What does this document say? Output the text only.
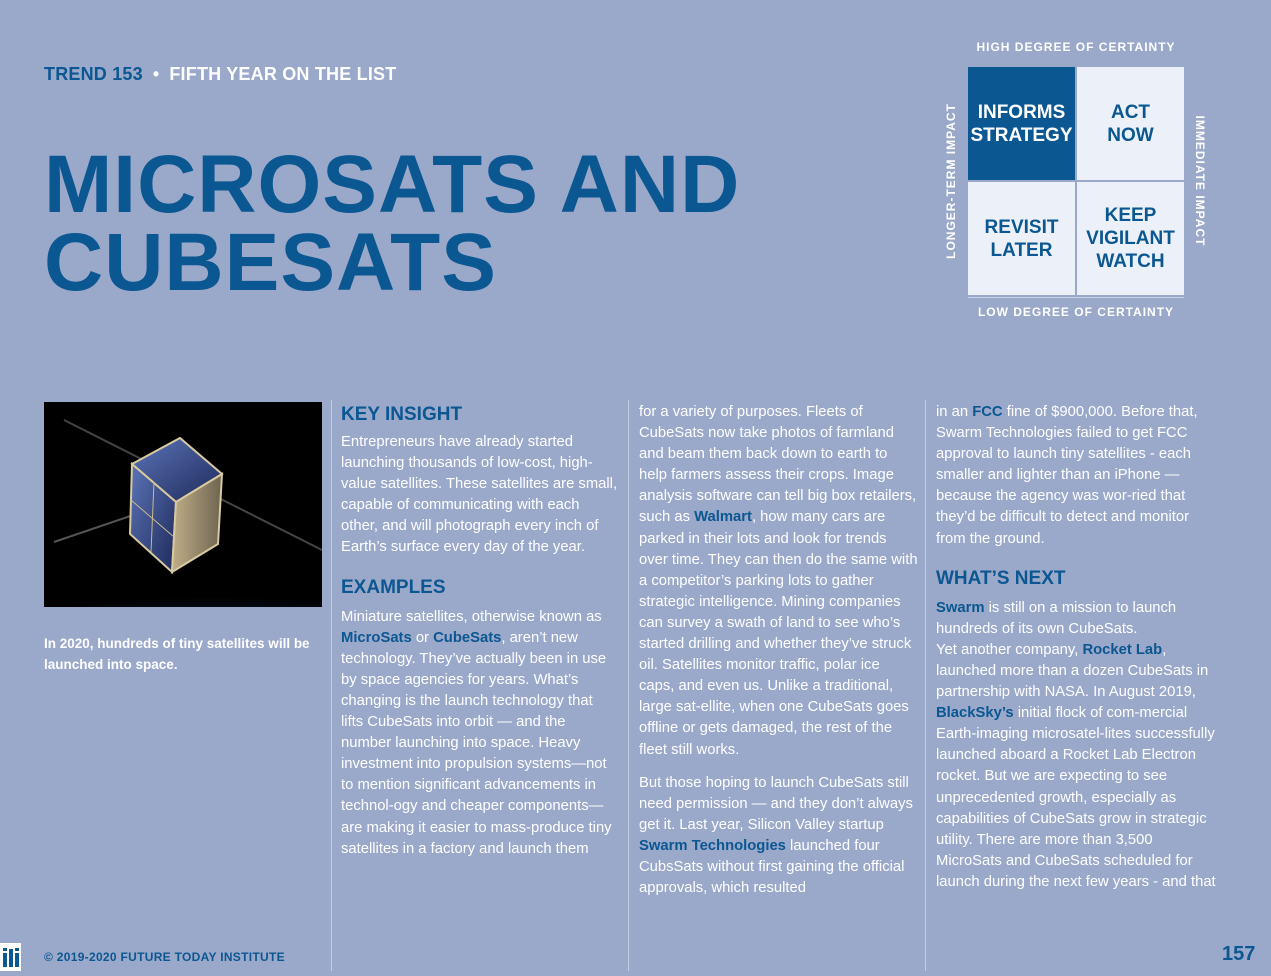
TREND 153 • FIFTH YEAR ON THE LIST
MICROSATS AND
CUBESATS
HIGH DEGREE OF CERTAINTY
LONGER-TERM IMPACT	IMMEDIATE IMPACT
INFORMS
STRATEGY
ACT
NOW
REVISIT
LATER
KEEP
VIGILANT
WATCH
LOW DEGREE OF CERTAINTY
In 2020, hundreds of tiny satellites will be launched into space.
KEY INSIGHT

Entrepreneurs have already started launching thousands of low-cost, high-value satellites. These satellites are small, capable of communicating with each other, and will photograph every inch of Earth’s surface every day of the year.

EXAMPLES

Miniature satellites, otherwise known as MicroSats or CubeSats, aren’t new technology. They’ve actually been in use by space agencies for years. What’s changing is the launch technology that lifts CubeSats into orbit — and the number launching into space. Heavy investment into propulsion systems—not to mention significant advancements in technol-ogy and cheaper components—are making it easier to mass-produce tiny satellites in a factory and launch them

for a variety of purposes. Fleets of CubeSats now take photos of farmland and beam them back down to earth to help farmers assess their crops. Image analysis software can tell big box retailers, such as Walmart, how many cars are parked in their lots and look for trends over time. They can then do the same with a competitor’s parking lots to gather strategic intelligence. Mining companies can survey a swath of land to see who’s started drilling and whether they’ve struck oil. Satellites monitor traffic, polar ice caps, and even us. Unlike a traditional, large sat-ellite, when one CubeSats goes offline or gets damaged, the rest of the fleet still works.

But those hoping to launch CubeSats still need permission — and they don’t always get it. Last year, Silicon Valley startup Swarm Technologies launched four CubsSats without first gaining the official approvals, which resulted

in an FCC fine of $900,000. Before that, Swarm Technologies failed to get FCC approval to launch tiny satellites - each smaller and lighter than an iPhone — because the agency was wor-ried that they’d be difficult to detect and monitor from the ground.

WHAT’S NEXT

Swarm is still on a mission to launch hundreds of its own CubeSats.

Yet another company, Rocket Lab, launched more than a dozen CubeSats in partnership with NASA. In August 2019, BlackSky’s initial flock of com-mercial Earth-imaging microsatel-lites successfully launched aboard a Rocket Lab Electron rocket. But we are expecting to see unprecedented growth, especially as capabilities of CubeSats grow in strategic utility. There are more than 3,500 MicroSats and CubeSats scheduled for launch during the next few years - and that

© 2019-2020 FUTURE TODAY INSTITUTE	157
